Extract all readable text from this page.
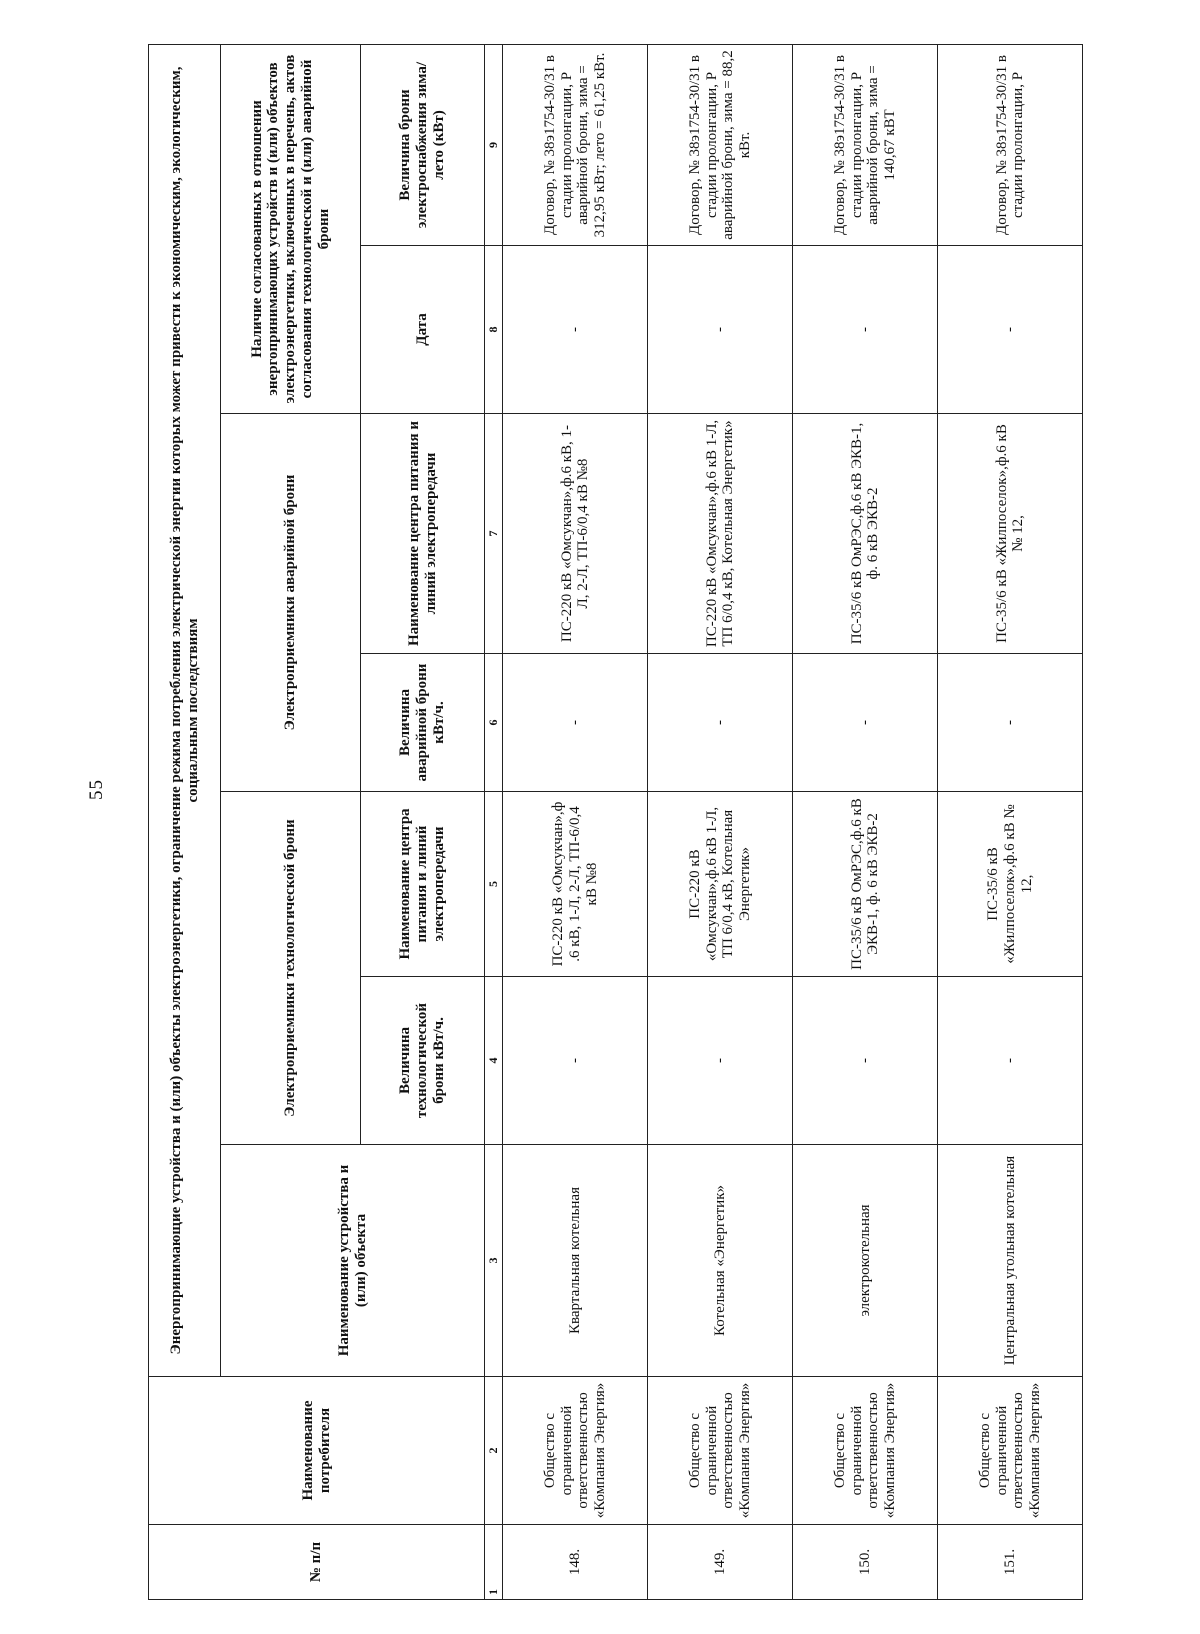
55
№ п/п	Наименование потребителя	Энергопринимающие устройства и (или) объекты электроэнергетики, ограничение режима потребления электрической энергии которых может привести к экономическим, экологическим, социальным последствиям						
		Наименование устройства и (или) объекта	Электроприемники технологической брони		Электроприемники аварийной брони		Наличие согласованных в отношении энергопринимающих устройств и (или) объектов электроэнергетики, включенных в перечень, актов согласования технологической и (или) аварийной брони	
			Величина технологической брони кВт/ч.	Наименование центра питания и линий электропередачи	Величина аварийной брони кВт/ч.	Наименование центра питания и линий электропередачи	Дата	Величина брони электроснабжения зима/лето (кВт)
1	2	3	4	5	6	7	8	9
148.	Общество с ограниченной ответственностью «Компания Энергия»	Квартальная котельная	-	ПС-220 кВ «Омсукчан»,ф .6 кВ, 1-Л, 2-Л, ТП-6/0,4 кВ №8	-	ПС-220 кВ «Омсукчан»,ф.6 кВ, 1-Л, 2-Л, ТП-6/0,4 кВ №8	-	Договор, № 38э1754-30/31 в стадии пролонгации, Р аварийной брони, зима = 312,95 кВт; лето = 61,25 кВт.
149.	Общество с ограниченной ответственностью «Компания Энергия»	Котельная «Энергетик»	-	ПС-220 кВ «Омсукчан»,ф.6 кВ 1-Л, ТП 6/0,4 кВ, Котельная Энергетик»	-	ПС-220 кВ «Омсукчан»,ф.6 кВ 1-Л, ТП 6/0,4 кВ, Котельная Энергетик»	-	Договор, № 38э1754-30/31 в стадии пролонгации, Р аварийной брони, зима = 88,2 кВт.
150.	Общество с ограниченной ответственностью «Компания Энергия»	электрокотельная	-	ПС-35/6 кВ ОмРЭС,ф.6 кВ ЭКВ-1, ф. 6 кВ ЭКВ-2	-	ПС-35/6 кВ ОмРЭС,ф.6 кВ ЭКВ-1, ф. 6 кВ ЭКВ-2	-	Договор, № 38э1754-30/31 в стадии пролонгации, Р аварийной брони, зима = 140,67 кВТ
151.	Общество с ограниченной ответственностью «Компания Энергия»	Центральная угольная котельная	-	ПС-35/6 кВ «Жилпоселок»,ф.6 кВ № 12,	-	ПС-35/6 кВ «Жилпоселок»,ф.6 кВ № 12,	-	Договор, № 38э1754-30/31 в стадии пролонгации, Р
